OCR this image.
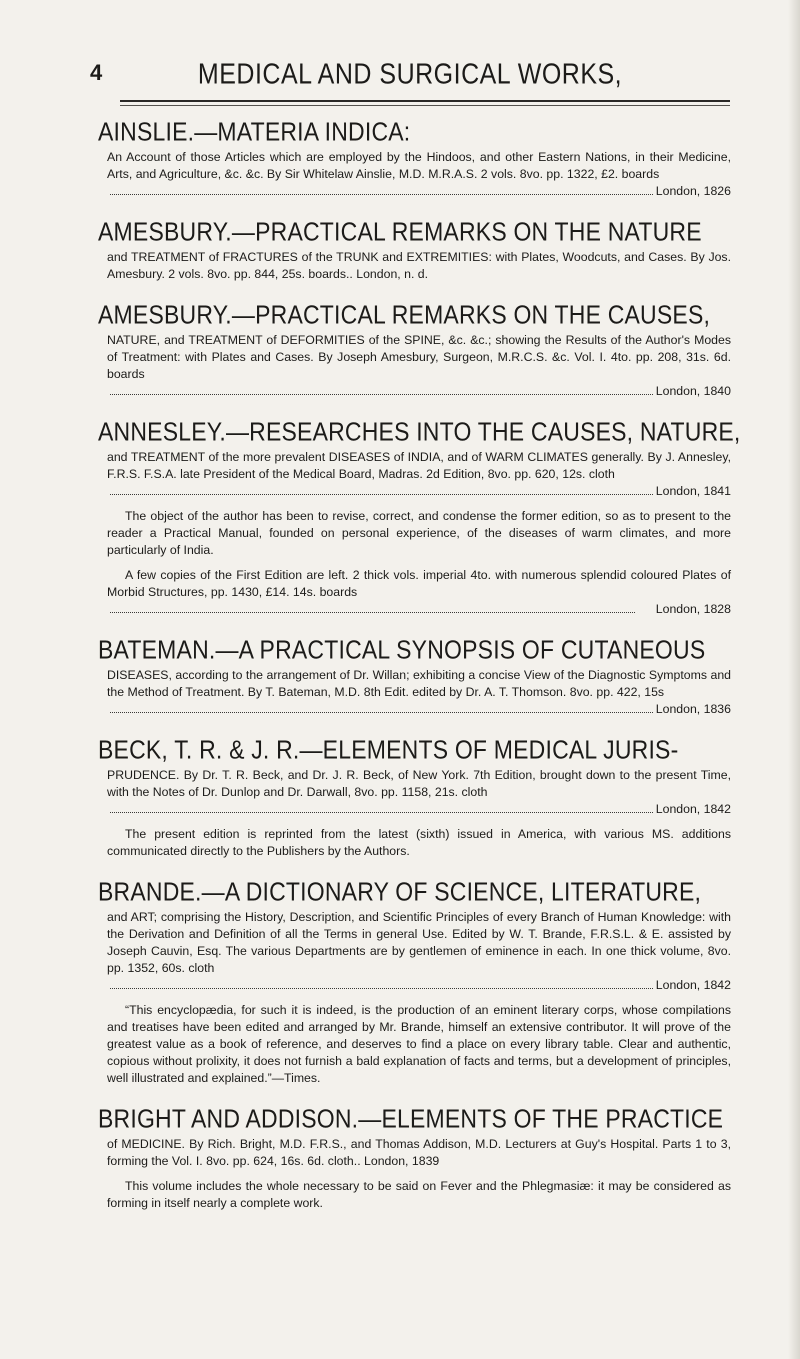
4	MEDICAL AND SURGICAL WORKS,
AINSLIE.—MATERIA INDICA:

An Account of those Articles which are employed by the Hindoos, and other Eastern Nations, in their Medicine, Arts, and Agriculture, &c. &c. By Sir Whitelaw Ainslie, M.D. M.R.A.S. 2 vols. 8vo. pp. 1322, £2. boards
London, 1826

AMESBURY.—PRACTICAL REMARKS ON THE NATURE

and TREATMENT of FRACTURES of the TRUNK and EXTREMITIES: with Plates, Woodcuts, and Cases. By Jos. Amesbury. 2 vols. 8vo. pp. 844, 25s. boards.. London, n. d.

AMESBURY.—PRACTICAL REMARKS ON THE CAUSES,

NATURE, and TREATMENT of DEFORMITIES of the SPINE, &c. &c.; showing the Results of the Author's Modes of Treatment: with Plates and Cases. By Joseph Amesbury, Surgeon, M.R.C.S. &c. Vol. I. 4to. pp. 208, 31s. 6d. boards
London, 1840

ANNESLEY.—RESEARCHES INTO THE CAUSES, NATURE,

and TREATMENT of the more prevalent DISEASES of INDIA, and of WARM CLIMATES generally. By J. Annesley, F.R.S. F.S.A. late President of the Medical Board, Madras. 2d Edition, 8vo. pp. 620, 12s. cloth
London, 1841

The object of the author has been to revise, correct, and condense the former edition, so as to present to the reader a Practical Manual, founded on personal experience, of the diseases of warm climates, and more particularly of India.

A few copies of the First Edition are left. 2 thick vols. imperial 4to. with numerous splendid coloured Plates of Morbid Structures, pp. 1430, £14. 14s. boards
London, 1828

BATEMAN.—A PRACTICAL SYNOPSIS OF CUTANEOUS

DISEASES, according to the arrangement of Dr. Willan; exhibiting a concise View of the Diagnostic Symptoms and the Method of Treatment. By T. Bateman, M.D. 8th Edit. edited by Dr. A. T. Thomson. 8vo. pp. 422, 15s
London, 1836

BECK, T. R. & J. R.—ELEMENTS OF MEDICAL JURIS-

PRUDENCE. By Dr. T. R. Beck, and Dr. J. R. Beck, of New York. 7th Edition, brought down to the present Time, with the Notes of Dr. Dunlop and Dr. Darwall, 8vo. pp. 1158, 21s. cloth
London, 1842

The present edition is reprinted from the latest (sixth) issued in America, with various MS. additions communicated directly to the Publishers by the Authors.

BRANDE.—A DICTIONARY OF SCIENCE, LITERATURE,

and ART; comprising the History, Description, and Scientific Principles of every Branch of Human Knowledge: with the Derivation and Definition of all the Terms in general Use. Edited by W. T. Brande, F.R.S.L. & E. assisted by Joseph Cauvin, Esq. The various Departments are by gentlemen of eminence in each. In one thick volume, 8vo. pp. 1352, 60s. cloth
London, 1842

“This encyclopædia, for such it is indeed, is the production of an eminent literary corps, whose compilations and treatises have been edited and arranged by Mr. Brande, himself an extensive contributor. It will prove of the greatest value as a book of reference, and deserves to find a place on every library table. Clear and authentic, copious without prolixity, it does not furnish a bald explanation of facts and terms, but a development of principles, well illustrated and explained.”—Times.

BRIGHT AND ADDISON.—ELEMENTS OF THE PRACTICE

of MEDICINE. By Rich. Bright, M.D. F.R.S., and Thomas Addison, M.D. Lecturers at Guy's Hospital. Parts 1 to 3, forming the Vol. I. 8vo. pp. 624, 16s. 6d. cloth.. London, 1839

This volume includes the whole necessary to be said on Fever and the Phlegmasiæ: it may be considered as forming in itself nearly a complete work.
